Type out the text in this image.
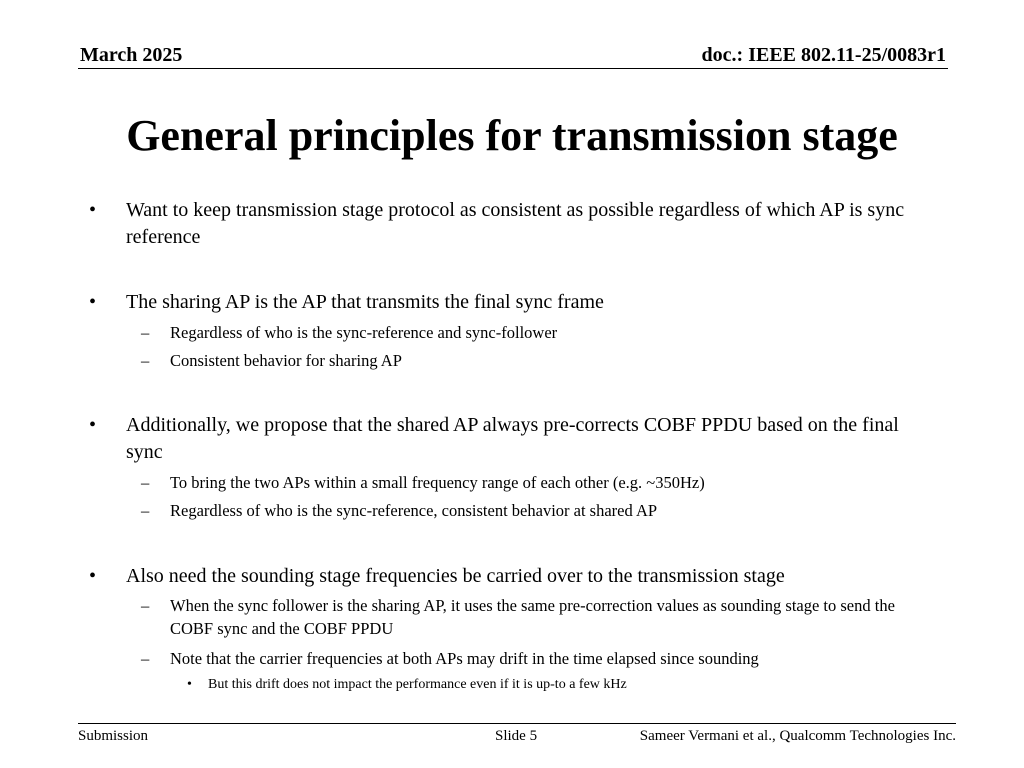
March 2025	doc.: IEEE 802.11-25/0083r1
General principles for transmission stage
• Want to keep transmission stage protocol as consistent as possible regardless of which AP is sync reference
• The sharing AP is the AP that transmits the final sync frame
– Regardless of who is the sync-reference and sync-follower
– Consistent behavior for sharing AP
• Additionally, we propose that the shared AP always pre-corrects COBF PPDU based on the final sync
– To bring the two APs within a small frequency range of each other (e.g. ~350Hz)
– Regardless of who is the sync-reference, consistent behavior at shared AP
• Also need the sounding stage frequencies be carried over to the transmission stage
– When the sync follower is the sharing AP, it uses the same pre-correction values as sounding stage to send the COBF sync and the COBF PPDU
– Note that the carrier frequencies at both APs may drift in the time elapsed since sounding
• But this drift does not impact the performance even if it is up-to a few kHz
Submission	Slide 5	Sameer Vermani et al., Qualcomm Technologies Inc.
